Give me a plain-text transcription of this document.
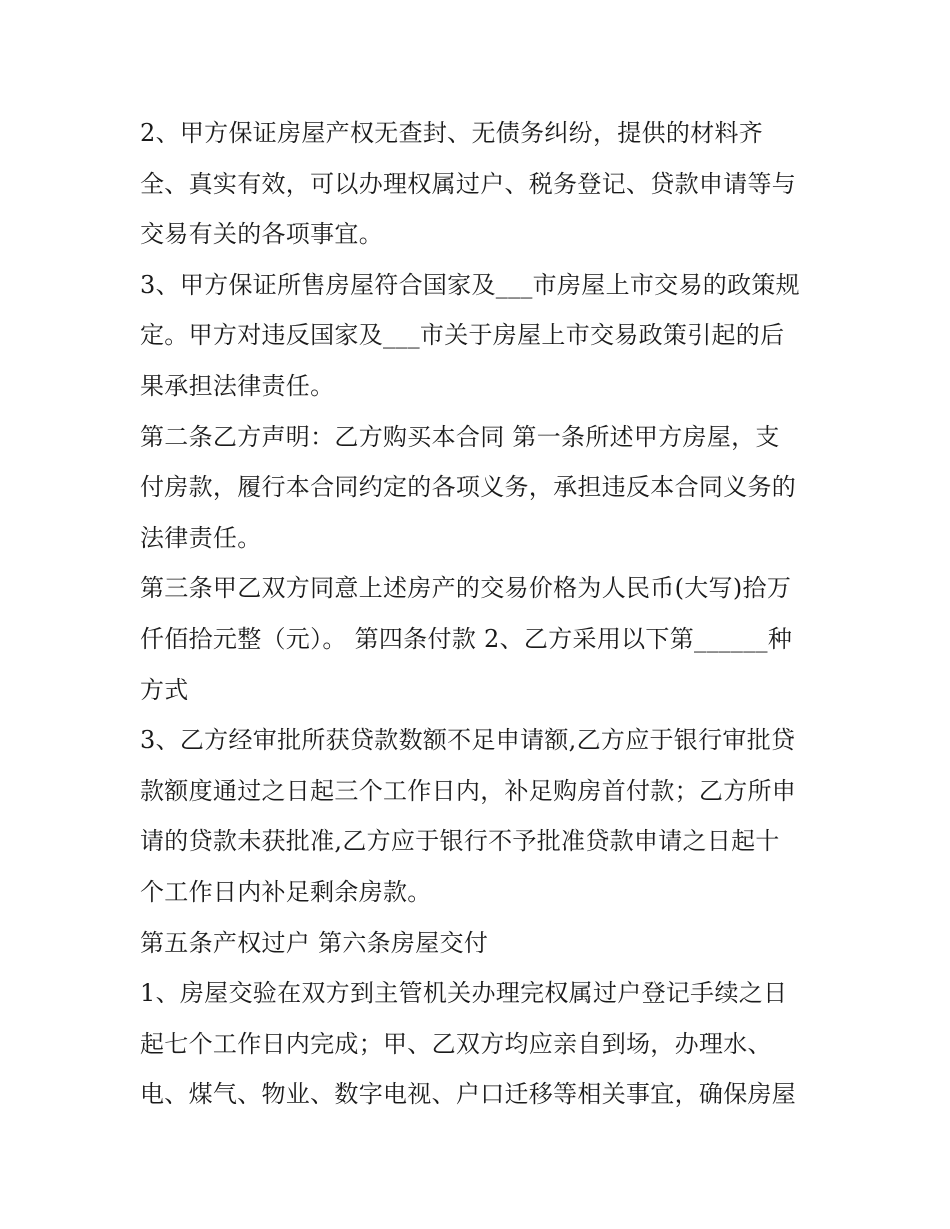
2、甲方保证房屋产权无查封、无债务纠纷，提供的材料齐
全、真实有效，可以办理权属过户、税务登记、贷款申请等与
交易有关的各项事宜。
3、甲方保证所售房屋符合国家及___市房屋上市交易的政策规
定。甲方对违反国家及___市关于房屋上市交易政策引起的后
果承担法律责任。
第二条乙方声明：乙方购买本合同 第一条所述甲方房屋，支
付房款，履行本合同约定的各项义务，承担违反本合同义务的
法律责任。
第三条甲乙双方同意上述房产的交易价格为人民币(大写)拾万
仟佰拾元整（元）。 第四条付款 2、乙方采用以下第______种
方式
3、乙方经审批所获贷款数额不足申请额,乙方应于银行审批贷
款额度通过之日起三个工作日内，补足购房首付款；乙方所申
请的贷款未获批准,乙方应于银行不予批准贷款申请之日起十
个工作日内补足剩余房款。
第五条产权过户 第六条房屋交付
1、房屋交验在双方到主管机关办理完权属过户登记手续之日
起七个工作日内完成；甲、乙双方均应亲自到场，办理水、
电、煤气、物业、数字电视、户口迁移等相关事宜，确保房屋
